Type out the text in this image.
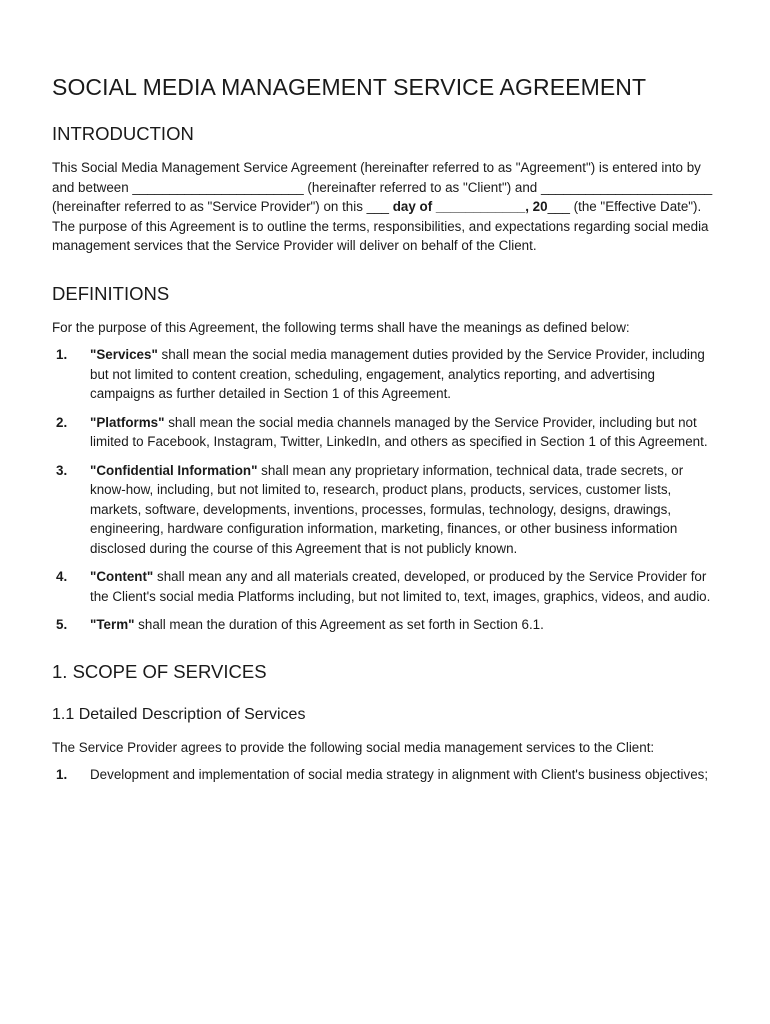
SOCIAL MEDIA MANAGEMENT SERVICE AGREEMENT
INTRODUCTION

This Social Media Management Service Agreement (hereinafter referred to as "Agreement") is entered into by and between _______________________ (hereinafter referred to as "Client") and _______________________ (hereinafter referred to as "Service Provider") on this ___ day of ____________, 20___ (the "Effective Date"). The purpose of this Agreement is to outline the terms, responsibilities, and expectations regarding social media management services that the Service Provider will deliver on behalf of the Client.

DEFINITIONS

For the purpose of this Agreement, the following terms shall have the meanings as defined below:

1. "Services" shall mean the social media management duties provided by the Service Provider, including but not limited to content creation, scheduling, engagement, analytics reporting, and advertising campaigns as further detailed in Section 1 of this Agreement.
2. "Platforms" shall mean the social media channels managed by the Service Provider, including but not limited to Facebook, Instagram, Twitter, LinkedIn, and others as specified in Section 1 of this Agreement.
3. "Confidential Information" shall mean any proprietary information, technical data, trade secrets, or know-how, including, but not limited to, research, product plans, products, services, customer lists, markets, software, developments, inventions, processes, formulas, technology, designs, drawings, engineering, hardware configuration information, marketing, finances, or other business information disclosed during the course of this Agreement that is not publicly known.
4. "Content" shall mean any and all materials created, developed, or produced by the Service Provider for the Client's social media Platforms including, but not limited to, text, images, graphics, videos, and audio.
5. "Term" shall mean the duration of this Agreement as set forth in Section 6.1.
1. SCOPE OF SERVICES
1.1 Detailed Description of Services

The Service Provider agrees to provide the following social media management services to the Client:

1. Development and implementation of social media strategy in alignment with Client's business objectives;
